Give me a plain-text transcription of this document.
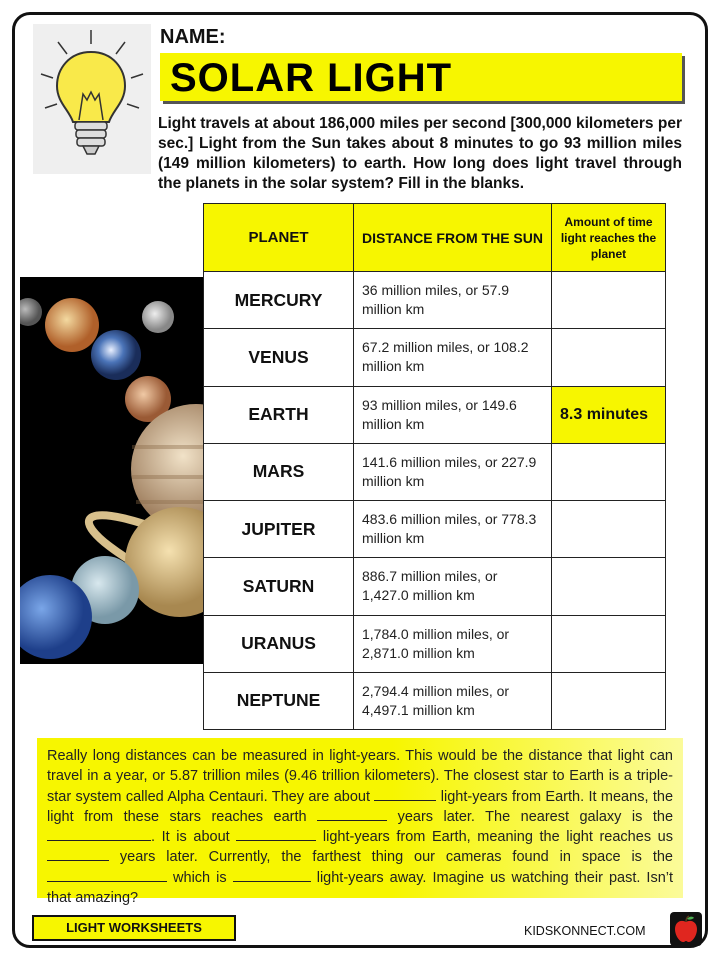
NAME:
SOLAR LIGHT
Light travels at about 186,000 miles per second [300,000 kilometers per sec.] Light from the Sun takes about 8 minutes to go 93 million miles (149 million kilometers) to earth. How long does light travel through the planets in the solar system? Fill in the blanks.
PLANET	DISTANCE FROM THE SUN	Amount of time light reaches the planet
MERCURY	36 million miles, or 57.9 million km	
VENUS	67.2 million miles, or 108.2 million km	
EARTH	93 million miles, or 149.6 million km	8.3 minutes
MARS	141.6 million miles, or 227.9 million km	
JUPITER	483.6 million miles, or 778.3 million km	
SATURN	886.7 million miles, or 1,427.0 million km	
URANUS	1,784.0 million miles, or 2,871.0 million km	
NEPTUNE	2,794.4 million miles, or 4,497.1 million km	
Really long distances can be measured in light-years. This would be the distance that light can travel in a year, or 5.87 trillion miles (9.46 trillion kilometers). The closest star to Earth is a triple-star system called Alpha Centauri. They are about	light-years from Earth. It means, the light from these stars reaches earth	years later. The nearest galaxy is the . It is about	light-years from Earth, meaning the light reaches us  years later. Currently, the farthest thing our cameras found in space is the  which is	light-years away. Imagine us watching their past. Isn’t that amazing?
LIGHT WORKSHEETS	KIDSKONNECT.COM
